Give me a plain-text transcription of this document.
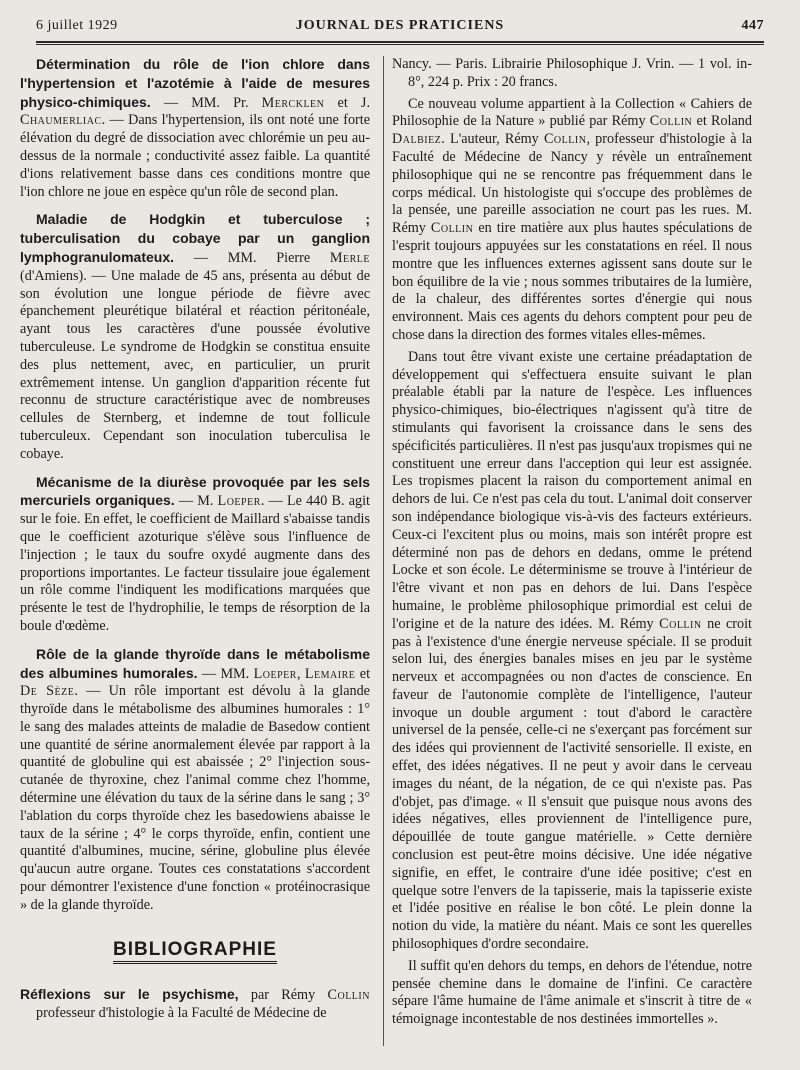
6 juillet 1929	JOURNAL DES PRATICIENS	447

Détermination du rôle de l'ion chlore dans l'hypertension et l'azotémie à l'aide de mesures physico-chimiques. — MM. Pr. Mercklen et J. Chaumerliac. — Dans l'hypertension, ils ont noté une forte élévation du degré de dissociation avec chlorémie un peu au-dessus de la normale ; conductivité assez faible. La quantité d'ions relativement basse dans ces conditions montre que l'ion chlore ne joue en espèce qu'un rôle de second plan.

Maladie de Hodgkin et tuberculose ; tuberculisation du cobaye par un ganglion lymphogranulomateux. — MM. Pierre Merle (d'Amiens). — Une malade de 45 ans, présenta au début de son évolution une longue période de fièvre avec épanchement pleurétique bilatéral et réaction péritonéale, ayant tous les caractères d'une poussée évolutive tuberculeuse. Le syndrome de Hodgkin se constitua ensuite des plus nettement, avec, en particulier, un prurit extrêmement intense. Un ganglion d'apparition récente fut reconnu de structure caractéristique avec de nombreuses cellules de Sternberg, et indemne de tout follicule tuberculeux. Cependant son inoculation tuberculisa le cobaye.

Mécanisme de la diurèse provoquée par les sels mercuriels organiques. — M. Loeper. — Le 440 B. agit sur le foie. En effet, le coefficient de Maillard s'abaisse tandis que le coefficient azoturique s'élève sous l'influence de l'injection ; le taux du soufre oxydé augmente dans des proportions importantes. Le facteur tissulaire joue également un rôle comme l'indiquent les modifications marquées que présente le test de l'hydrophilie, le temps de résorption de la boule d'œdème.

Rôle de la glande thyroïde dans le métabolisme des albumines humorales. — MM. Loeper, Lemaire et De Sèze. — Un rôle important est dévolu à la glande thyroïde dans le métabolisme des albumines humorales : 1° le sang des malades atteints de maladie de Basedow contient une quantité de sérine anormalement élevée par rapport à la quantité de globuline qui est abaissée ; 2° l'injection sous-cutanée de thyroxine, chez l'animal comme chez l'homme, détermine une élévation du taux de la sérine dans le sang ; 3° l'ablation du corps thyroïde chez les basedowiens abaisse le taux de la sérine ; 4° le corps thyroïde, enfin, contient une quantité d'albumines, mucine, sérine, globuline plus élevée qu'aucun autre organe. Toutes ces constatations s'accordent pour démontrer l'existence d'une fonction « protéinocrasique » de la glande thyroïde.

BIBLIOGRAPHIE

Réflexions sur le psychisme, par Rémy Collin professeur d'histologie à la Faculté de Médecine de

Nancy. — Paris. Librairie Philosophique J. Vrin. — 1 vol. in-8°, 224 p. Prix : 20 francs.

Ce nouveau volume appartient à la Collection « Cahiers de Philosophie de la Nature » publié par Rémy Collin et Roland Dalbiez. L'auteur, Rémy Collin, professeur d'histologie à la Faculté de Médecine de Nancy y révèle un entraînement philosophique qui ne se rencontre pas fréquemment dans le corps médical. Un histologiste qui s'occupe des problèmes de la pensée, une pareille association ne court pas les rues. M. Rémy Collin en tire matière aux plus hautes spéculations de l'esprit toujours appuyées sur les constatations en réel. Il nous montre que les influences externes agissent sans doute sur le bon équilibre de la vie ; nous sommes tributaires de la lumière, de la chaleur, des différentes sortes d'énergie qui nous environnent. Mais ces agents du dehors comptent pour peu de chose dans la direction des formes vitales elles-mêmes.

Dans tout être vivant existe une certaine préadaptation de développement qui s'effectuera ensuite suivant le plan préalable établi par la nature de l'espèce. Les influences physico-chimiques, bio-électriques n'agissent qu'à titre de stimulants qui favorisent la croissance dans le sens des spécificités particulières. Il n'est pas jusqu'aux tropismes qui ne constituent une erreur dans l'acception qui leur est assignée. Les tropismes placent la raison du comportement animal en dehors de lui. Ce n'est pas cela du tout. L'animal doit conserver son indépendance biologique vis-à-vis des facteurs extérieurs. Ceux-ci l'excitent plus ou moins, mais son intérêt propre est déterminé non pas de dehors en dedans, omme le prétend Locke et son école. Le déterminisme se trouve à l'intérieur de l'être vivant et non pas en dehors de lui. Dans l'espèce humaine, le problème philosophique primordial est celui de l'origine et de la nature des idées. M. Rémy Collin ne croit pas à l'existence d'une énergie nerveuse spéciale. Il se produit selon lui, des énergies banales mises en jeu par le système nerveux et accompagnées ou non d'actes de conscience. En faveur de l'autonomie complète de l'intelligence, l'auteur invoque un double argument : tout d'abord le caractère universel de la pensée, celle-ci ne s'exerçant pas forcément sur des idées qui proviennent de l'activité sensorielle. Il existe, en effet, des idées négatives. Il ne peut y avoir dans le cerveau images du néant, de la négation, de ce qui n'existe pas. Pas d'objet, pas d'image. « Il s'ensuit que puisque nous avons des idées négatives, elles proviennent de l'intelligence pure, dépouillée de toute gangue matérielle. » Cette dernière conclusion est peut-être moins décisive. Une idée négative signifie, en effet, le contraire d'une idée positive; c'est en quelque sotre l'envers de la tapisserie, mais la tapisserie existe et l'idée positive en réalise le bon côté. Le plein donne la notion du vide, la matière du néant. Mais ce sont les querelles philosophiques d'ordre secondaire.

Il suffit qu'en dehors du temps, en dehors de l'étendue, notre pensée chemine dans le domaine de l'infini. Ce caractère sépare l'âme humaine de l'âme animale et s'inscrit à titre de « témoignage incontestable de nos destinées immortelles ».
